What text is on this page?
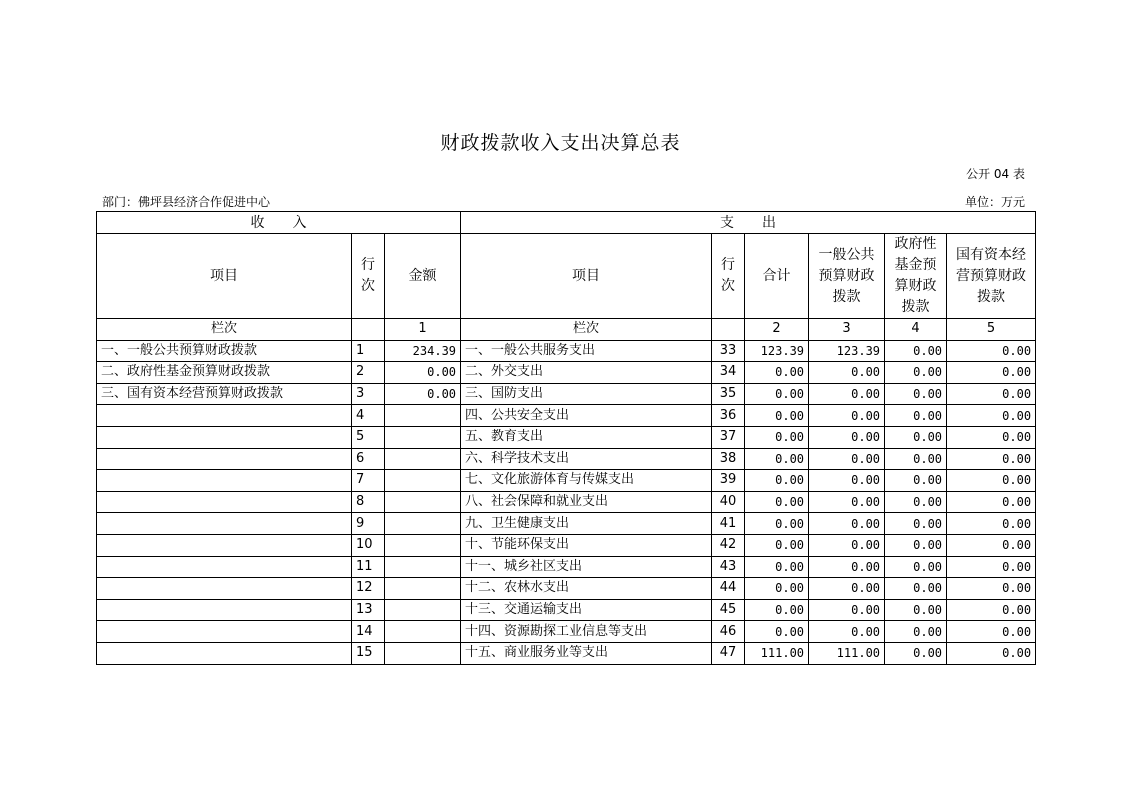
财政拨款收入支出决算总表
公开 04 表
部门：佛坪县经济合作促进中心	单位：万元
收　　入			支　　出					
项目	行次	金额	项目	行次	合计	一般公共预算财政拨款	政府性基金预算财政拨款	国有资本经营预算财政拨款
栏次		1	栏次		2	3	4	5
一、一般公共预算财政拨款	1	234.39	一、一般公共服务支出	33	123.39	123.39	0.00	0.00
二、政府性基金预算财政拨款	2	0.00	二、外交支出	34	0.00	0.00	0.00	0.00
三、国有资本经营预算财政拨款	3	0.00	三、国防支出	35	0.00	0.00	0.00	0.00
	4		四、公共安全支出	36	0.00	0.00	0.00	0.00
	5		五、教育支出	37	0.00	0.00	0.00	0.00
	6		六、科学技术支出	38	0.00	0.00	0.00	0.00
	7		七、文化旅游体育与传媒支出	39	0.00	0.00	0.00	0.00
	8		八、社会保障和就业支出	40	0.00	0.00	0.00	0.00
	9		九、卫生健康支出	41	0.00	0.00	0.00	0.00
	10		十、节能环保支出	42	0.00	0.00	0.00	0.00
	11		十一、城乡社区支出	43	0.00	0.00	0.00	0.00
	12		十二、农林水支出	44	0.00	0.00	0.00	0.00
	13		十三、交通运输支出	45	0.00	0.00	0.00	0.00
	14		十四、资源勘探工业信息等支出	46	0.00	0.00	0.00	0.00
	15		十五、商业服务业等支出	47	111.00	111.00	0.00	0.00
